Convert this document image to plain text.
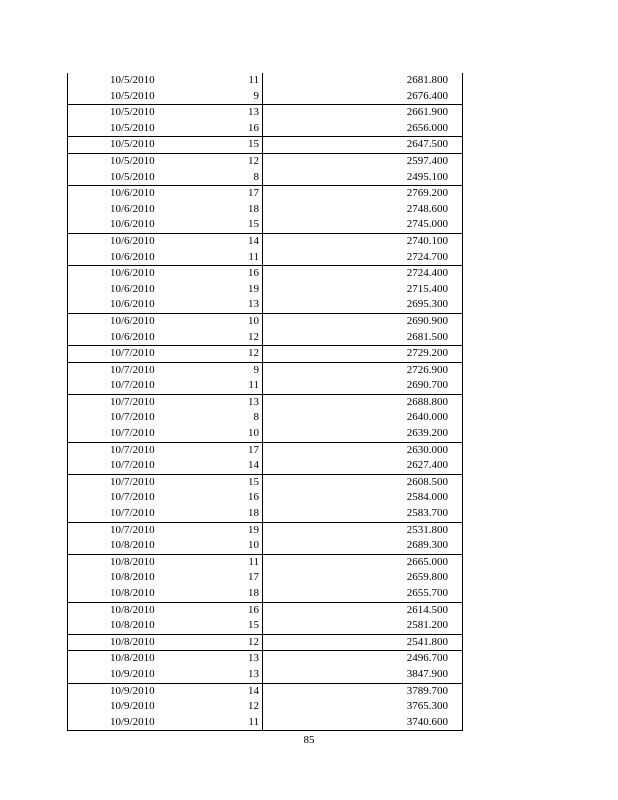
10/5/2010 11	2681.800
10/5/2010 9	2676.400
10/5/2010 13	2661.900
10/5/2010 16	2656.000
10/5/2010 15	2647.500
10/5/2010 12	2597.400
10/5/2010 8	2495.100
10/6/2010 17	2769.200
10/6/2010 18	2748.600
10/6/2010 15	2745.000
10/6/2010 14	2740.100
10/6/2010 11	2724.700
10/6/2010 16	2724.400
10/6/2010 19	2715.400
10/6/2010 13	2695.300
10/6/2010 10	2690.900
10/6/2010 12	2681.500
10/7/2010 12	2729.200
10/7/2010 9	2726.900
10/7/2010 11	2690.700
10/7/2010 13	2688.800
10/7/2010 8	2640.000
10/7/2010 10	2639.200
10/7/2010 17	2630.000
10/7/2010 14	2627.400
10/7/2010 15	2608.500
10/7/2010 16	2584.000
10/7/2010 18	2583.700
10/7/2010 19	2531.800
10/8/2010 10	2689.300
10/8/2010 11	2665.000
10/8/2010 17	2659.800
10/8/2010 18	2655.700
10/8/2010 16	2614.500
10/8/2010 15	2581.200
10/8/2010 12	2541.800
10/8/2010 13	2496.700
10/9/2010 13	3847.900
10/9/2010 14	3789.700
10/9/2010 12	3765.300
10/9/2010 11	3740.600
85
